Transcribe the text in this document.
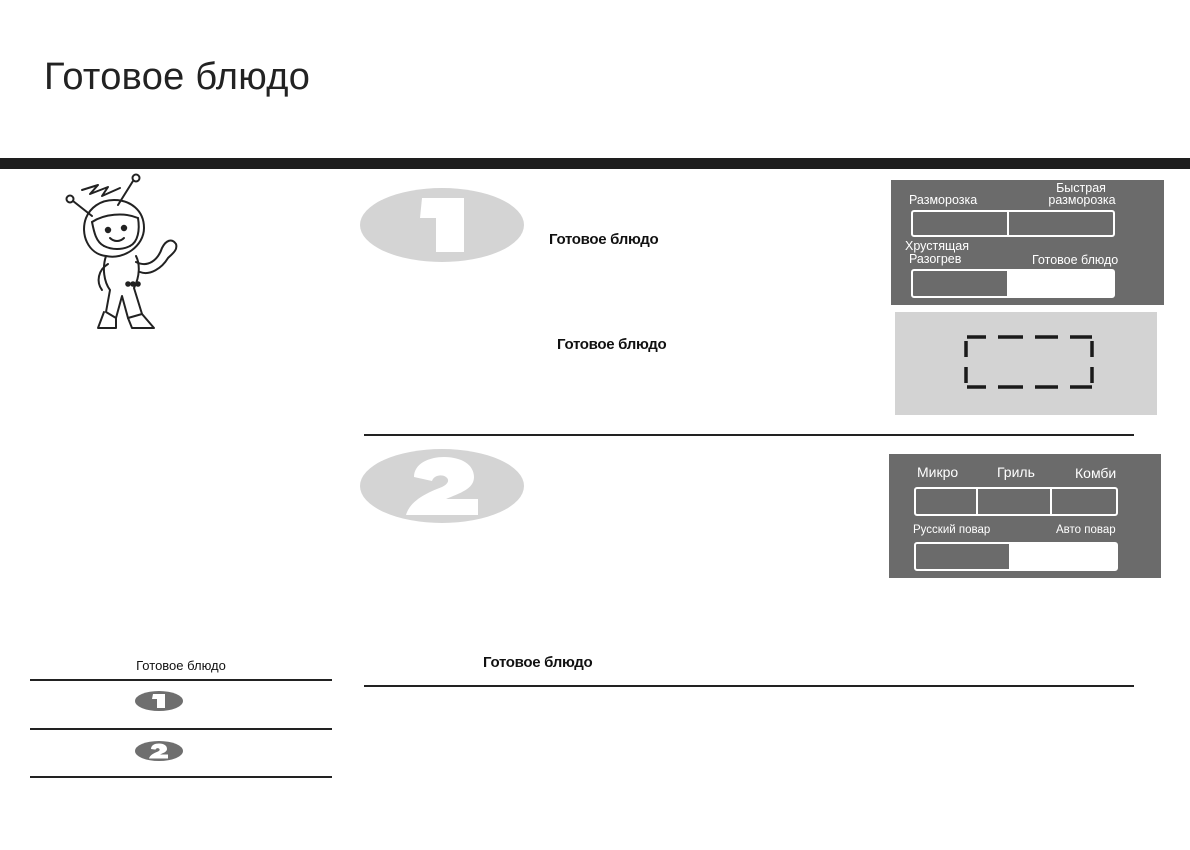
Готовое блюдо
Готовое блюдо
Готовое блюдо
Разморозка
Быстрая
разморозка
Хрустящая
Разогрев	Готовое блюдо
Микро	Гриль	Комби
Русский повар	Авто повар
Готовое блюдо	Готовое блюдо
